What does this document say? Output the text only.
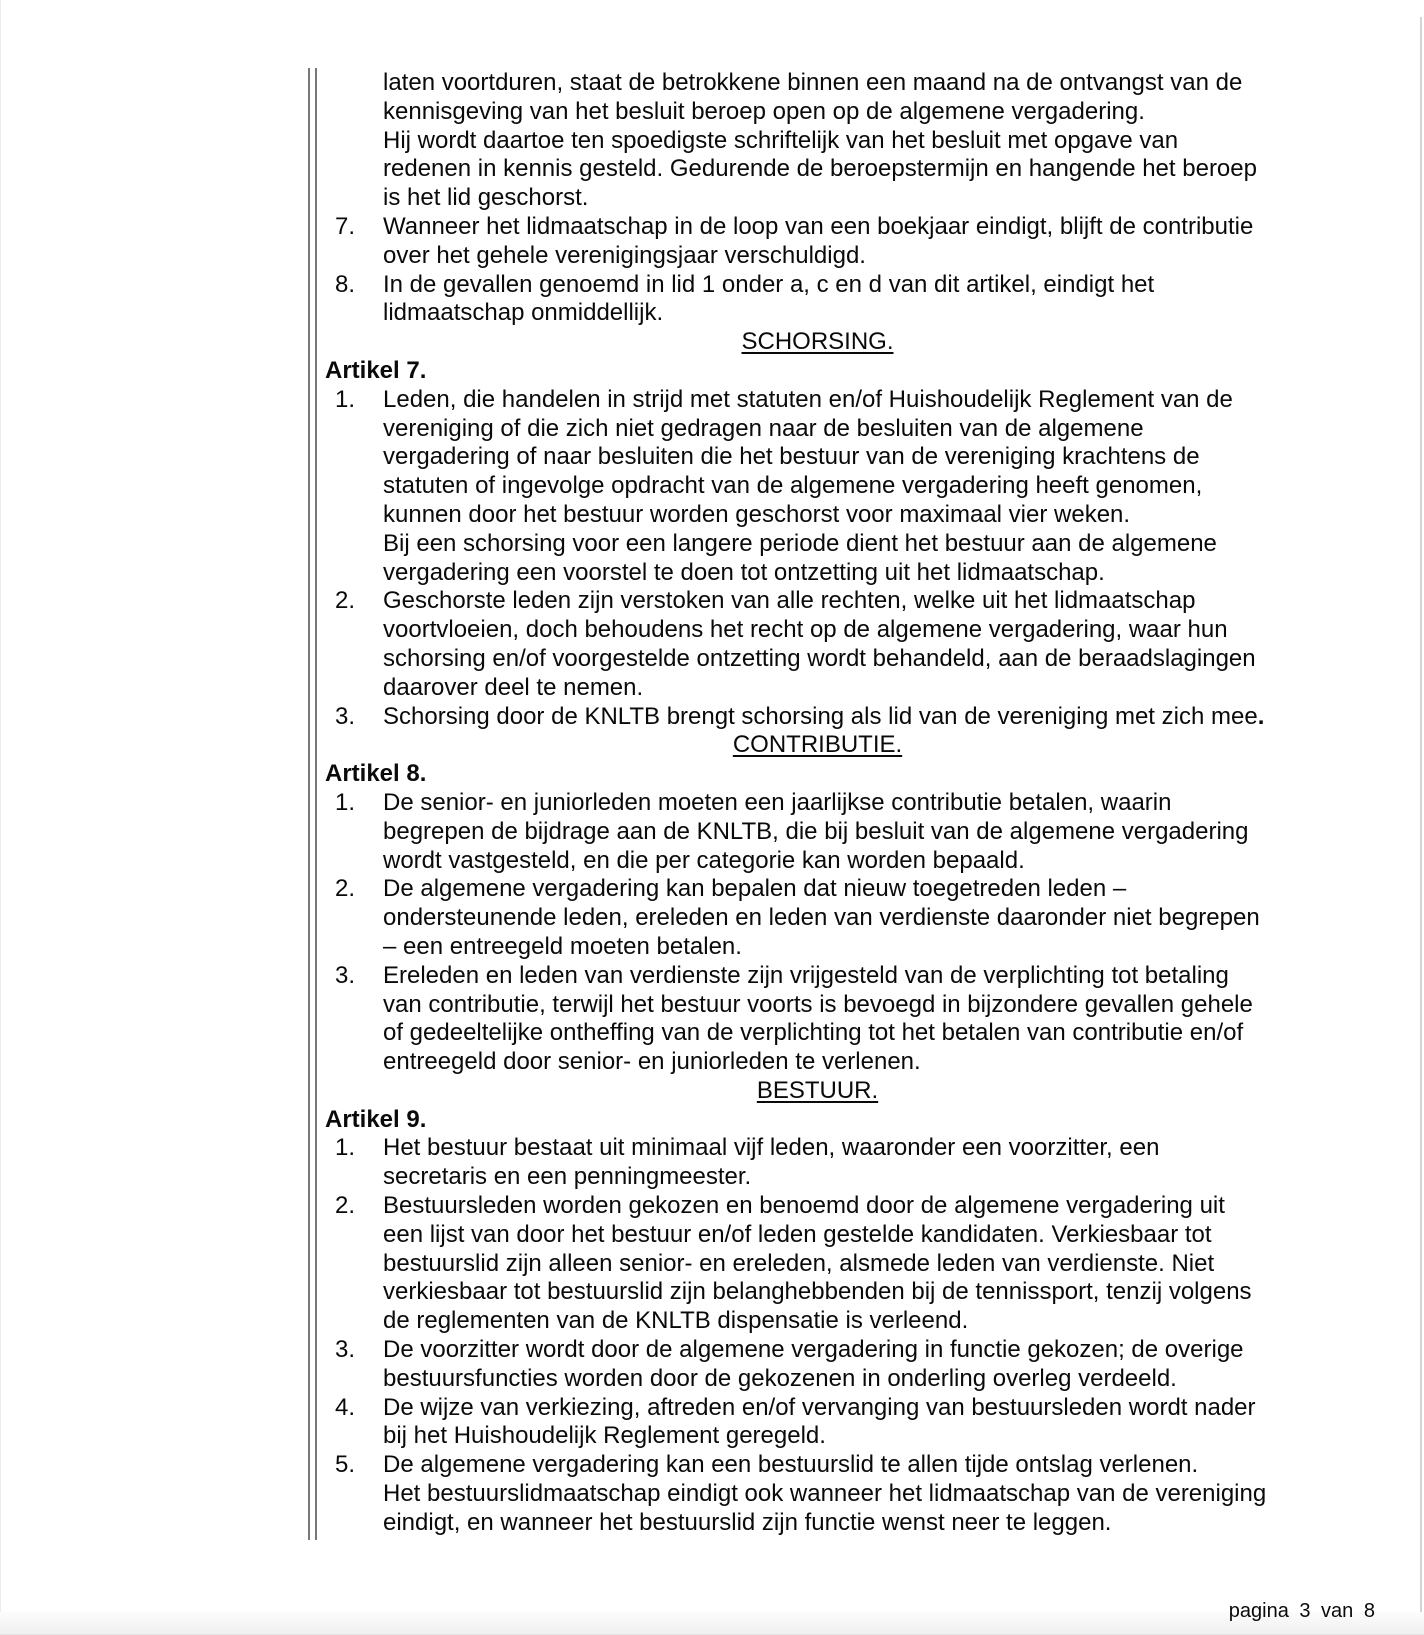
laten voortduren, staat de betrokkene binnen een maand na de ontvangst van de
kennisgeving van het besluit beroep open op de algemene vergadering.
Hij wordt daartoe ten spoedigste schriftelijk van het besluit met opgave van
redenen in kennis gesteld. Gedurende de beroepstermijn en hangende het beroep
is het lid geschorst.
7. Wanneer het lidmaatschap in de loop van een boekjaar eindigt, blijft de contributie
over het gehele verenigingsjaar verschuldigd.
8. In de gevallen genoemd in lid 1 onder a, c en d van dit artikel, eindigt het
lidmaatschap onmiddellijk.
SCHORSING.
Artikel 7.
1. Leden, die handelen in strijd met statuten en/of Huishoudelijk Reglement van de
vereniging of die zich niet gedragen naar de besluiten van de algemene
vergadering of naar besluiten die het bestuur van de vereniging krachtens de
statuten of ingevolge opdracht van de algemene vergadering heeft genomen,
kunnen door het bestuur worden geschorst voor maximaal vier weken.
Bij een schorsing voor een langere periode dient het bestuur aan de algemene
vergadering een voorstel te doen tot ontzetting uit het lidmaatschap.
2. Geschorste leden zijn verstoken van alle rechten, welke uit het lidmaatschap
voortvloeien, doch behoudens het recht op de algemene vergadering, waar hun
schorsing en/of voorgestelde ontzetting wordt behandeld, aan de beraadslagingen
daarover deel te nemen.
3. Schorsing door de KNLTB brengt schorsing als lid van de vereniging met zich mee.
CONTRIBUTIE.
Artikel 8.
1. De senior- en juniorleden moeten een jaarlijkse contributie betalen, waarin
begrepen de bijdrage aan de KNLTB, die bij besluit van de algemene vergadering
wordt vastgesteld, en die per categorie kan worden bepaald.
2. De algemene vergadering kan bepalen dat nieuw toegetreden leden –
ondersteunende leden, ereleden en leden van verdienste daaronder niet begrepen
– een entreegeld moeten betalen.
3. Ereleden en leden van verdienste zijn vrijgesteld van de verplichting tot betaling
van contributie, terwijl het bestuur voorts is bevoegd in bijzondere gevallen gehele
of gedeeltelijke ontheffing van de verplichting tot het betalen van contributie en/of
entreegeld door senior- en juniorleden te verlenen.
BESTUUR.
Artikel 9.
1. Het bestuur bestaat uit minimaal vijf leden, waaronder een voorzitter, een
secretaris en een penningmeester.
2. Bestuursleden worden gekozen en benoemd door de algemene vergadering uit
een lijst van door het bestuur en/of leden gestelde kandidaten. Verkiesbaar tot
bestuurslid zijn alleen senior- en ereleden, alsmede leden van verdienste. Niet
verkiesbaar tot bestuurslid zijn belanghebbenden bij de tennissport, tenzij volgens
de reglementen van de KNLTB dispensatie is verleend.
3. De voorzitter wordt door de algemene vergadering in functie gekozen; de overige
bestuursfuncties worden door de gekozenen in onderling overleg verdeeld.
4. De wijze van verkiezing, aftreden en/of vervanging van bestuursleden wordt nader
bij het Huishoudelijk Reglement geregeld.
5. De algemene vergadering kan een bestuurslid te allen tijde ontslag verlenen.
Het bestuurslidmaatschap eindigt ook wanneer het lidmaatschap van de vereniging
eindigt, en wanneer het bestuurslid zijn functie wenst neer te leggen.
pagina 3 van 8
